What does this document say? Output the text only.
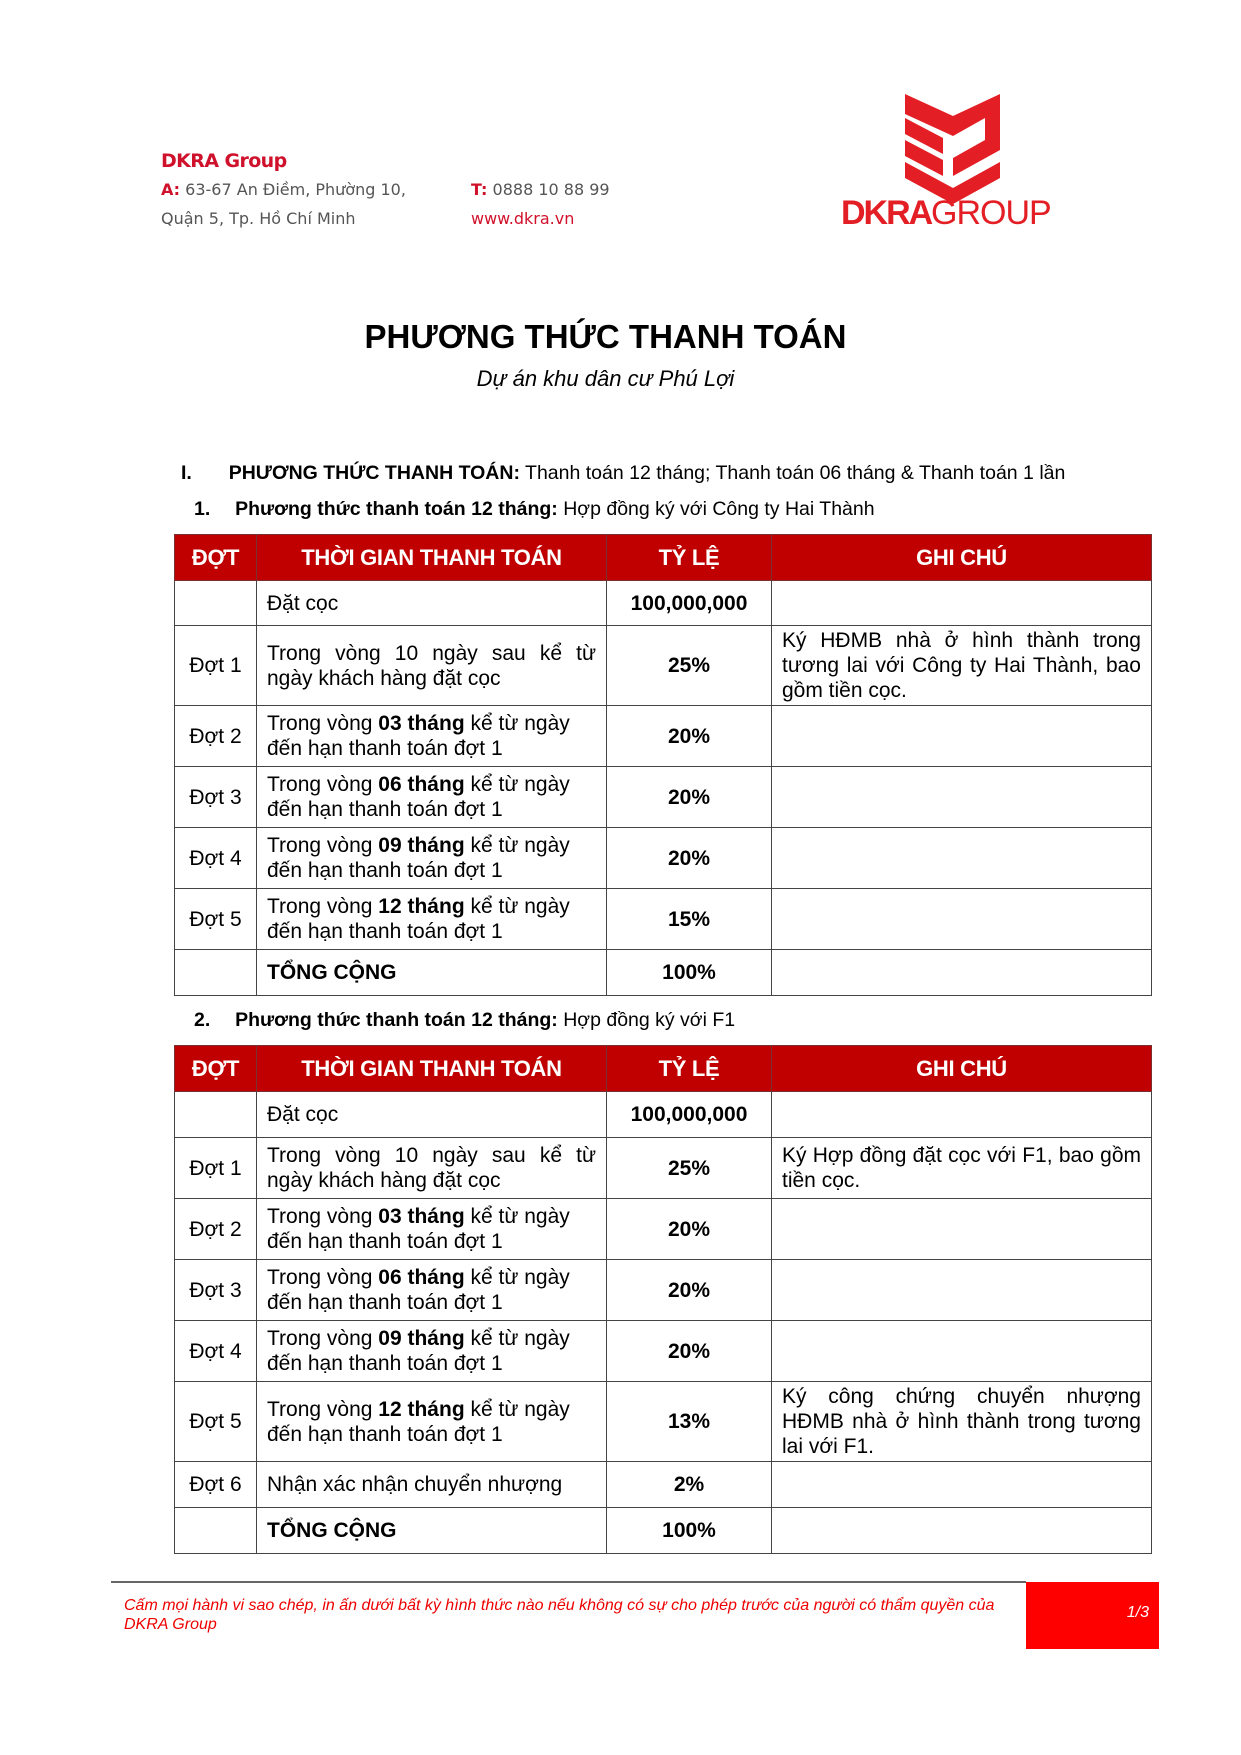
DKRA Group
A: 63-67 An Điềm, Phường 10,
Quận 5, Tp. Hồ Chí Minh
T: 0888 10 88 99
www.dkra.vn	DKRA GROUP
PHƯƠNG THỨC THANH TOÁN
Dự án khu dân cư Phú Lợi
I. PHƯƠNG THỨC THANH TOÁN: Thanh toán 12 tháng; Thanh toán 06 tháng & Thanh toán 1 lần
1. Phương thức thanh toán 12 tháng: Hợp đồng ký với Công ty Hai Thành
ĐỢT	THỜI GIAN THANH TOÁN	TỶ LỆ	GHI CHÚ
	Đặt cọc	100,000,000	
Đợt 1	Trong vòng 10 ngày sau kể từ ngày khách hàng đặt cọc	25%	Ký HĐMB nhà ở hình thành trong tương lai với Công ty Hai Thành, bao gồm tiền cọc.
Đợt 2	Trong vòng 03 tháng kể từ ngày đến hạn thanh toán đợt 1	20%	
Đợt 3	Trong vòng 06 tháng kể từ ngày đến hạn thanh toán đợt 1	20%	
Đợt 4	Trong vòng 09 tháng kể từ ngày đến hạn thanh toán đợt 1	20%	
Đợt 5	Trong vòng 12 tháng kể từ ngày đến hạn thanh toán đợt 1	15%	
	TỔNG CỘNG	100%	
2. Phương thức thanh toán 12 tháng: Hợp đồng ký với F1
ĐỢT	THỜI GIAN THANH TOÁN	TỶ LỆ	GHI CHÚ
	Đặt cọc	100,000,000	
Đợt 1	Trong vòng 10 ngày sau kể từ ngày khách hàng đặt cọc	25%	Ký Hợp đồng đặt cọc với F1, bao gồm tiền cọc.
Đợt 2	Trong vòng 03 tháng kể từ ngày đến hạn thanh toán đợt 1	20%	
Đợt 3	Trong vòng 06 tháng kể từ ngày đến hạn thanh toán đợt 1	20%	
Đợt 4	Trong vòng 09 tháng kể từ ngày đến hạn thanh toán đợt 1	20%	
Đợt 5	Trong vòng 12 tháng kể từ ngày đến hạn thanh toán đợt 1	13%	Ký công chứng chuyển nhượng HĐMB nhà ở hình thành trong tương lai với F1.
Đợt 6	Nhận xác nhận chuyển nhượng	2%	
	TỔNG CỘNG	100%	
Cấm mọi hành vi sao chép, in ấn dưới bất kỳ hình thức nào nếu không có sự cho phép trước của người có thẩm quyền của DKRA Group
1/3
